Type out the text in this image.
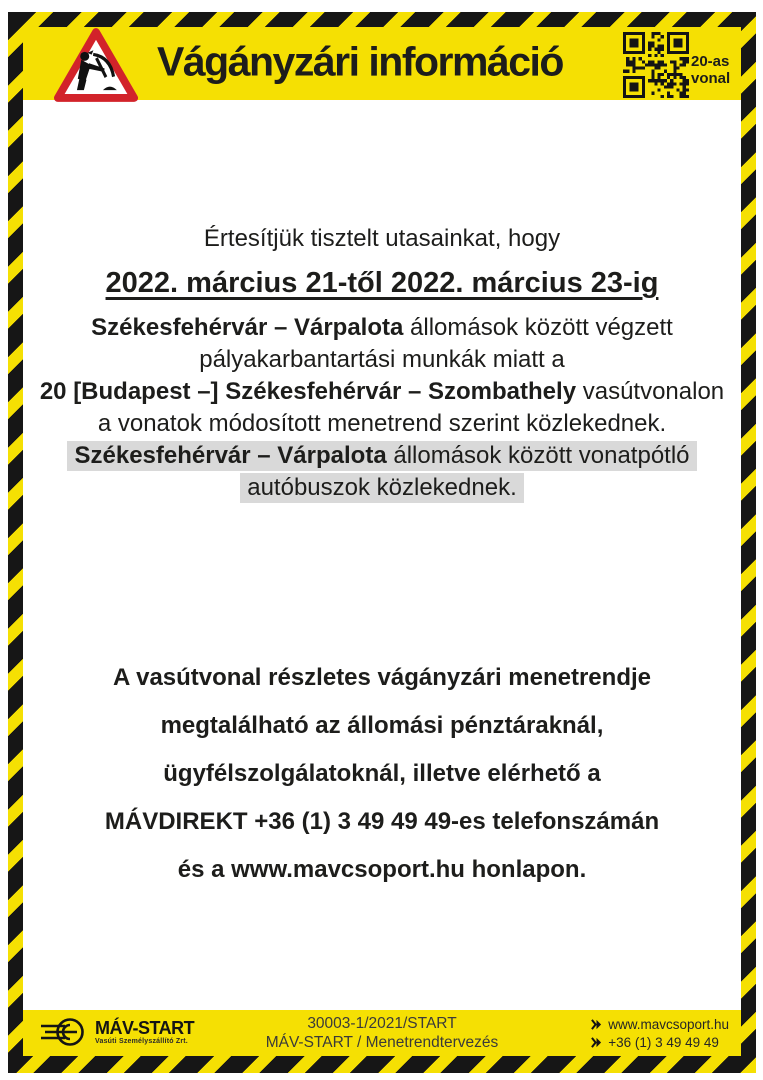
Vágányzári információ	20-as
vonal
Értesítjük tisztelt utasainkat, hogy
2022. március 21-től 2022. március 23-ig
Székesfehérvár – Várpalota állomások között végzett
pályakarbantartási munkák miatt a
20 [Budapest –] Székesfehérvár – Szombathely vasútvonalon
a vonatok módosított menetrend szerint közlekednek.
Székesfehérvár – Várpalota állomások között vonatpótló
autóbuszok közlekednek.
A vasútvonal részletes vágányzári menetrendje
megtalálható az állomási pénztáraknál,
ügyfélszolgálatoknál, illetve elérhető a
MÁVDIREKT +36 (1) 3 49 49 49-es telefonszámán
és a www.mavcsoport.hu honlapon.
MÁV-START
Vasúti Személyszállító Zrt.
30003-1/2021/START
MÁV-START / Menetrendtervezés
www.mavcsoport.hu
+36 (1) 3 49 49 49
